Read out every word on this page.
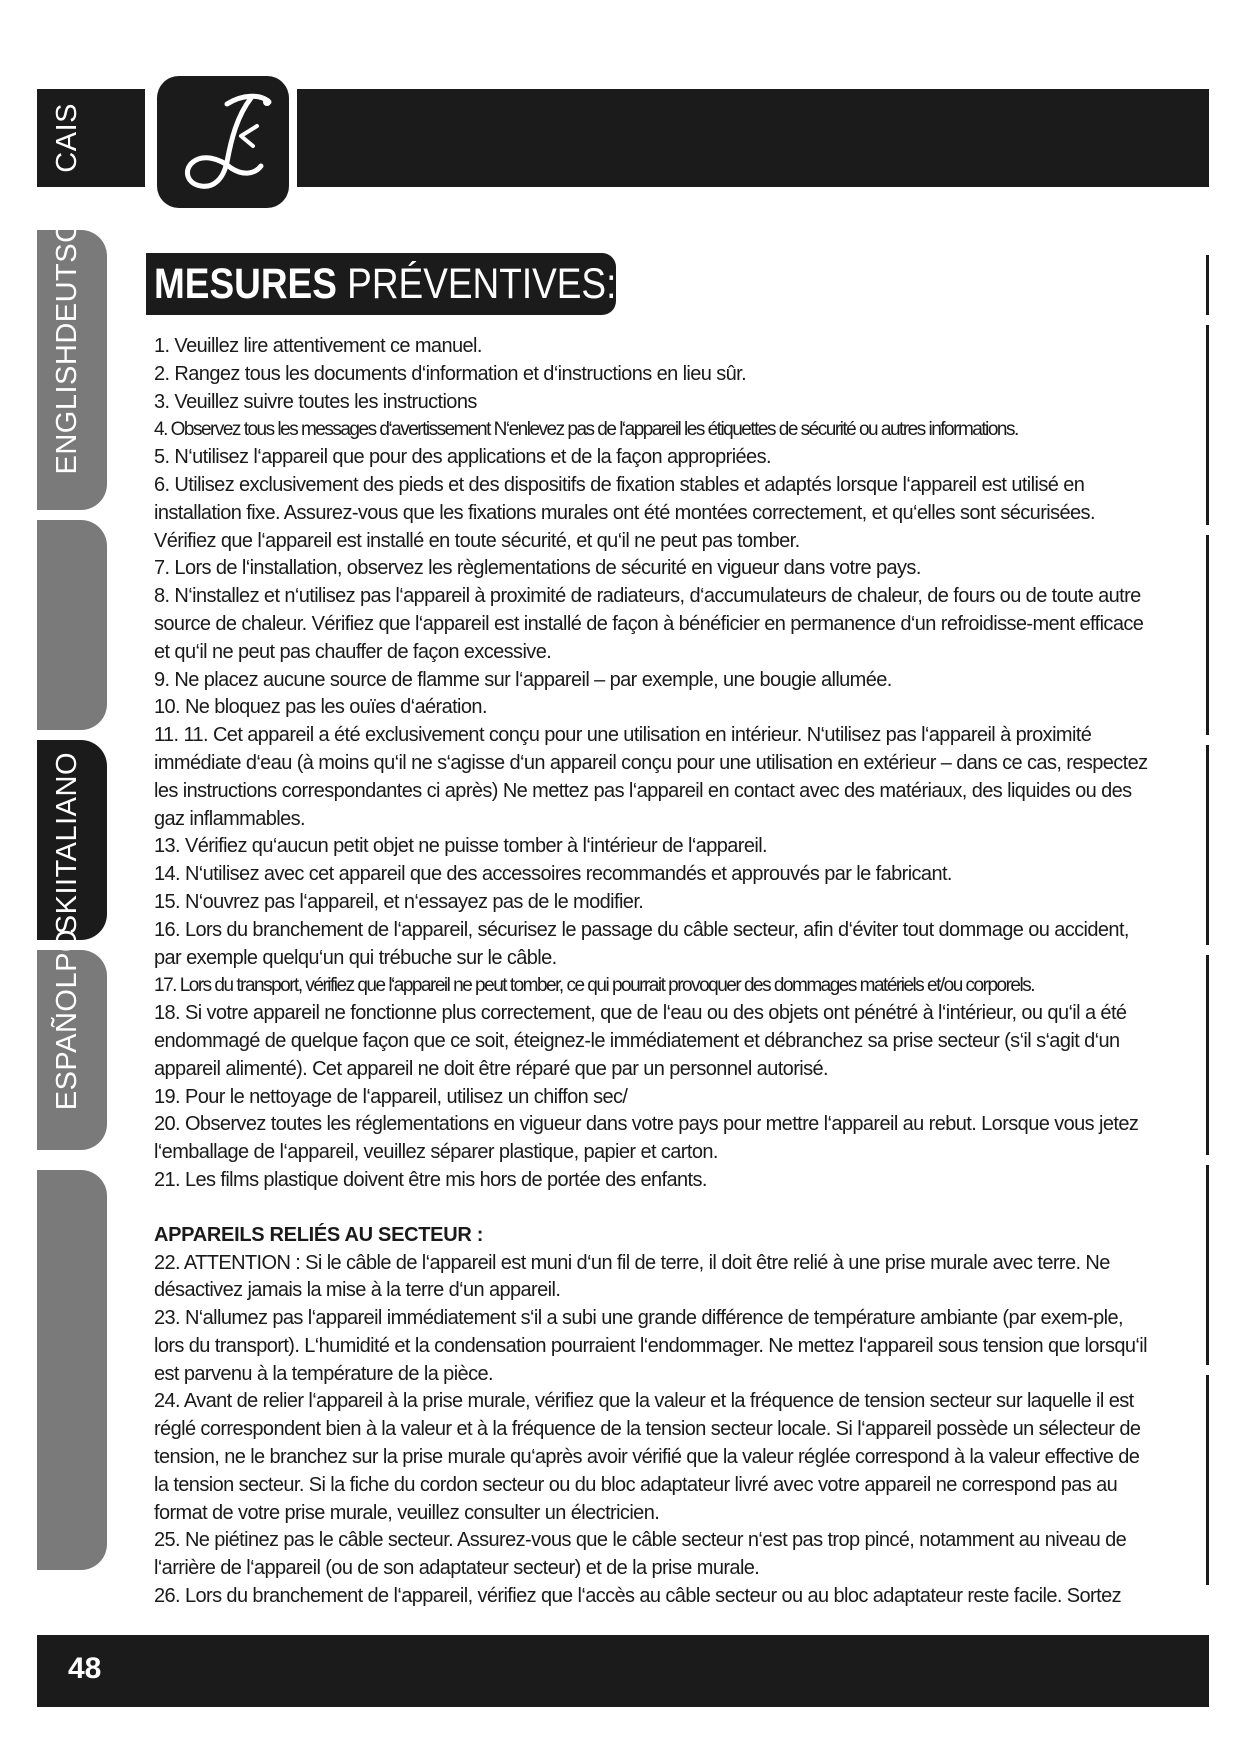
CAIS
ENGLISHDEUTSCH
SKIITALIANO
ESPAÑOLPO
MESURES PRÉVENTIVES:

1. Veuillez lire attentivement ce manuel.

2. Rangez tous les documents d‘information et d‘instructions en lieu sûr.

3. Veuillez suivre toutes les instructions

4. Observez tous les messages d‘avertissement N‘enlevez pas de l‘appareil les étiquettes de sécurité ou autres informations.

5. N‘utilisez l‘appareil que pour des applications et de la façon appropriées.

6. Utilisez exclusivement des pieds et des dispositifs de fixation stables et adaptés lorsque l‘appareil est utilisé en installation fixe. Assurez-vous que les fixations murales ont été montées correctement, et qu‘elles sont sécurisées. Vérifiez que l‘appareil est installé en toute sécurité, et qu‘il ne peut pas tomber.

7. Lors de l‘installation, observez les règlementations de sécurité en vigueur dans votre pays.

8. N‘installez et n‘utilisez pas l‘appareil à proximité de radiateurs, d‘accumulateurs de chaleur, de fours ou de toute autre source de chaleur. Vérifiez que l‘appareil est installé de façon à bénéficier en permanence d‘un refroidisse-ment efficace et qu‘il ne peut pas chauffer de façon excessive.

9. Ne placez aucune source de flamme sur l‘appareil – par exemple, une bougie allumée.

10. Ne bloquez pas les ouïes d‘aération.

11. 11. Cet appareil a été exclusivement conçu pour une utilisation en intérieur. N‘utilisez pas l‘appareil à proximité immédiate d‘eau (à moins qu‘il ne s‘agisse d‘un appareil conçu pour une utilisation en extérieur – dans ce cas, respectez les instructions correspondantes ci après) Ne mettez pas l‘appareil en contact avec des matériaux, des liquides ou des gaz inflammables.

13. Vérifiez qu‘aucun petit objet ne puisse tomber à l‘intérieur de l‘appareil.

14. N‘utilisez avec cet appareil que des accessoires recommandés et approuvés par le fabricant.

15. N‘ouvrez pas l‘appareil, et n‘essayez pas de le modifier.

16. Lors du branchement de l‘appareil, sécurisez le passage du câble secteur, afin d‘éviter tout dommage ou accident, par exemple quelqu‘un qui trébuche sur le câble.

17. Lors du transport, vérifiez que l‘appareil ne peut tomber, ce qui pourrait provoquer des dommages matériels et/ou corporels.

18. Si votre appareil ne fonctionne plus correctement, que de l‘eau ou des objets ont pénétré à l‘intérieur, ou qu‘il a été endommagé de quelque façon que ce soit, éteignez-le immédiatement et débranchez sa prise secteur (s‘il s‘agit d‘un appareil alimenté). Cet appareil ne doit être réparé que par un personnel autorisé.

19. Pour le nettoyage de l‘appareil, utilisez un chiffon sec/

20. Observez toutes les réglementations en vigueur dans votre pays pour mettre l‘appareil au rebut. Lorsque vous jetez l‘emballage de l‘appareil, veuillez séparer plastique, papier et carton.

21. Les films plastique doivent être mis hors de portée des enfants.

APPAREILS RELIÉS AU SECTEUR :

22. ATTENTION : Si le câble de l‘appareil est muni d‘un fil de terre, il doit être relié à une prise murale avec terre. Ne désactivez jamais la mise à la terre d‘un appareil.

23. N‘allumez pas l‘appareil immédiatement s‘il a subi une grande différence de température ambiante (par exem-ple, lors du transport). L‘humidité et la condensation pourraient l‘endommager. Ne mettez l‘appareil sous tension que lorsqu‘il est parvenu à la température de la pièce.

24. Avant de relier l‘appareil à la prise murale, vérifiez que la valeur et la fréquence de tension secteur sur laquelle il est réglé correspondent bien à la valeur et à la fréquence de la tension secteur locale. Si l‘appareil possède un sélecteur de tension, ne le branchez sur la prise murale qu‘après avoir vérifié que la valeur réglée correspond à la valeur effective de la tension secteur. Si la fiche du cordon secteur ou du bloc adaptateur livré avec votre appareil ne correspond pas au format de votre prise murale, veuillez consulter un électricien.

25. Ne piétinez pas le câble secteur. Assurez-vous que le câble secteur n‘est pas trop pincé, notamment au niveau de l‘arrière de l‘appareil (ou de son adaptateur secteur) et de la prise murale.

26. Lors du branchement de l‘appareil, vérifiez que l‘accès au câble secteur ou au bloc adaptateur reste facile. Sortez

48
